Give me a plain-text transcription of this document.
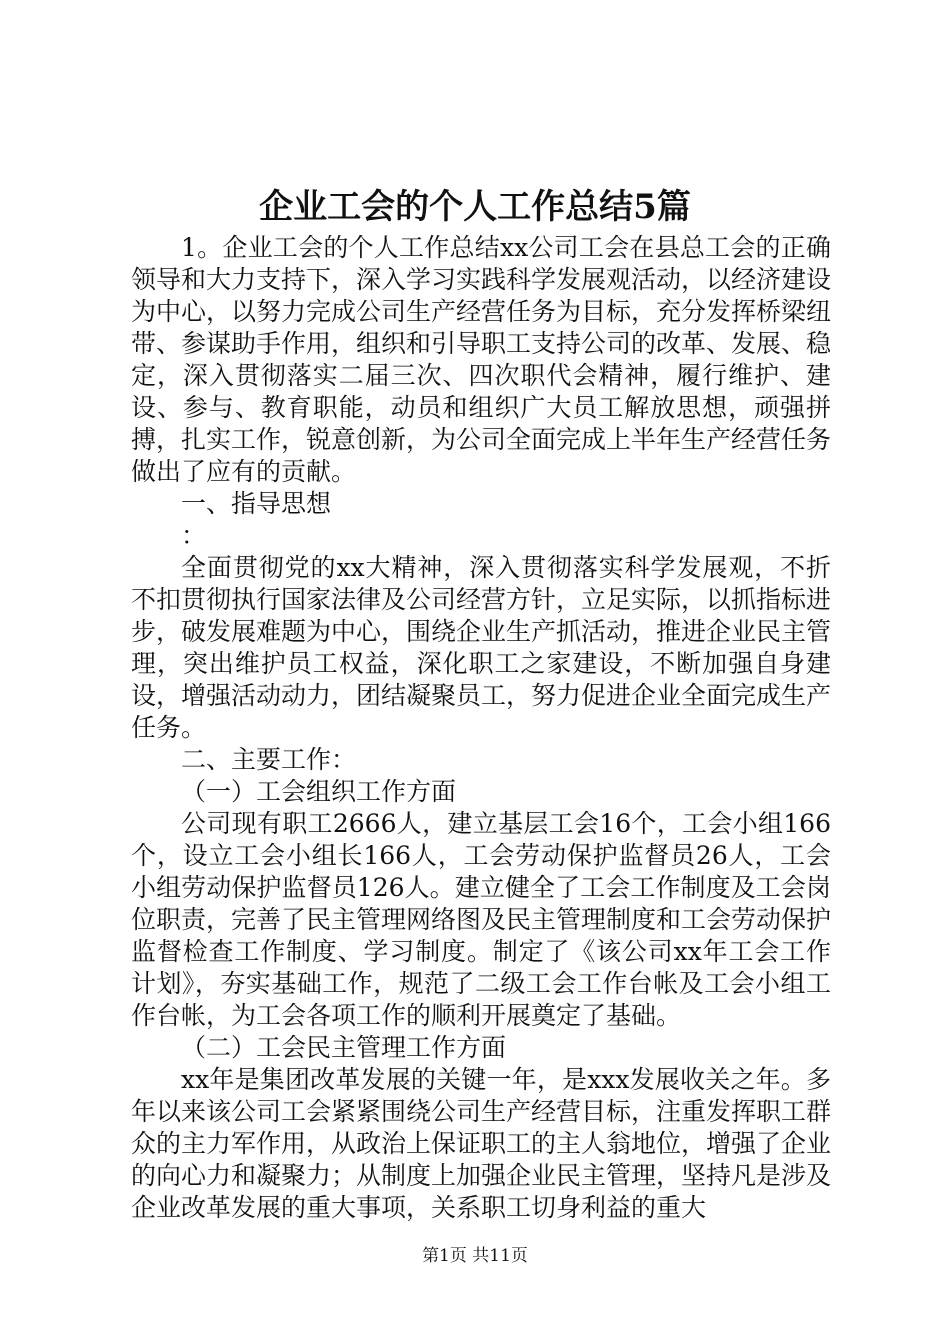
企业工会的个人工作总结5篇

1。企业工会的个人工作总结xx公司工会在县总工会的正确领导和大力支持下，深入学习实践科学发展观活动，以经济建设为中心，以努力完成公司生产经营任务为目标，充分发挥桥梁纽带、参谋助手作用，组织和引导职工支持公司的改革、发展、稳定，深入贯彻落实二届三次、四次职代会精神，履行维护、建设、参与、教育职能，动员和组织广大员工解放思想，顽强拼搏，扎实工作，锐意创新，为公司全面完成上半年生产经营任务做出了应有的贡献。

一、指导思想

：

全面贯彻党的xx大精神，深入贯彻落实科学发展观，不折不扣贯彻执行国家法律及公司经营方针，立足实际，以抓指标进步，破发展难题为中心，围绕企业生产抓活动，推进企业民主管理，突出维护员工权益，深化职工之家建设，不断加强自身建设，增强活动动力，团结凝聚员工，努力促进企业全面完成生产任务。

二、主要工作：

（一）工会组织工作方面

公司现有职工2666人，建立基层工会16个，工会小组166个，设立工会小组长166人，工会劳动保护监督员26人，工会小组劳动保护监督员126人。建立健全了工会工作制度及工会岗位职责，完善了民主管理网络图及民主管理制度和工会劳动保护监督检查工作制度、学习制度。制定了《该公司xx年工会工作计划》，夯实基础工作，规范了二级工会工作台帐及工会小组工作台帐，为工会各项工作的顺利开展奠定了基础。

（二）工会民主管理工作方面

xx年是集团改革发展的关键一年，是xxx发展收关之年。多年以来该公司工会紧紧围绕公司生产经营目标，注重发挥职工群众的主力军作用，从政治上保证职工的主人翁地位，增强了企业的向心力和凝聚力；从制度上加强企业民主管理，坚持凡是涉及企业改革发展的重大事项，关系职工切身利益的重大

第1页 共11页
